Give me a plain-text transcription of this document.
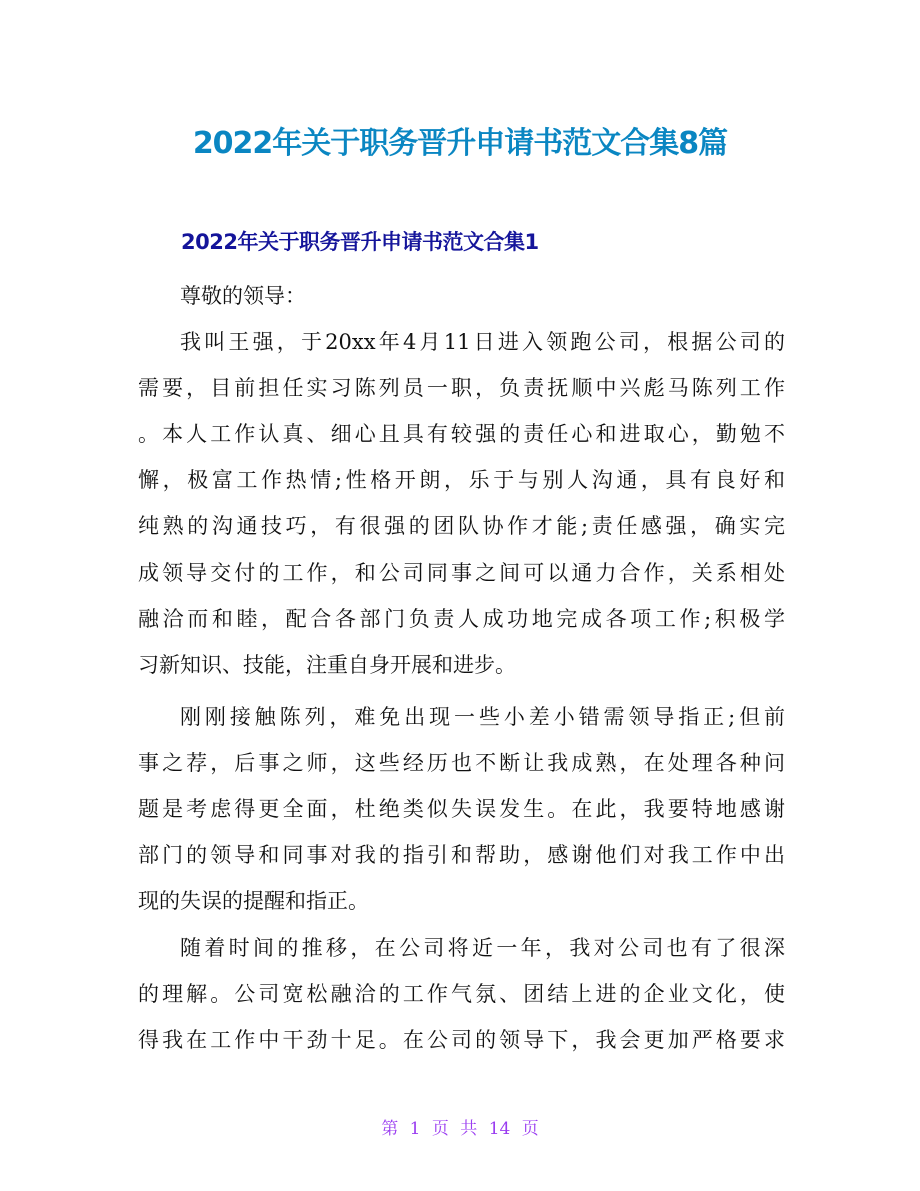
2022年关于职务晋升申请书范文合集8篇
2022年关于职务晋升申请书范文合集1
尊敬的领导：
我叫王强，于20xx年4月11日进入领跑公司，根据公司的
需要，目前担任实习陈列员一职，负责抚顺中兴彪马陈列工作
。本人工作认真、细心且具有较强的责任心和进取心，勤勉不
懈，极富工作热情;性格开朗，乐于与别人沟通，具有良好和
纯熟的沟通技巧，有很强的团队协作才能;责任感强，确实完
成领导交付的工作，和公司同事之间可以通力合作，关系相处
融洽而和睦，配合各部门负责人成功地完成各项工作;积极学
习新知识、技能，注重自身开展和进步。
刚刚接触陈列，难免出现一些小差小错需领导指正;但前
事之荐，后事之师，这些经历也不断让我成熟，在处理各种问
题是考虑得更全面，杜绝类似失误发生。在此，我要特地感谢
部门的领导和同事对我的指引和帮助，感谢他们对我工作中出
现的失误的提醒和指正。
随着时间的推移，在公司将近一年，我对公司也有了很深
的理解。公司宽松融洽的工作气氛、团结上进的企业文化，使
得我在工作中干劲十足。在公司的领导下，我会更加严格要求
第 1 页 共 14 页
